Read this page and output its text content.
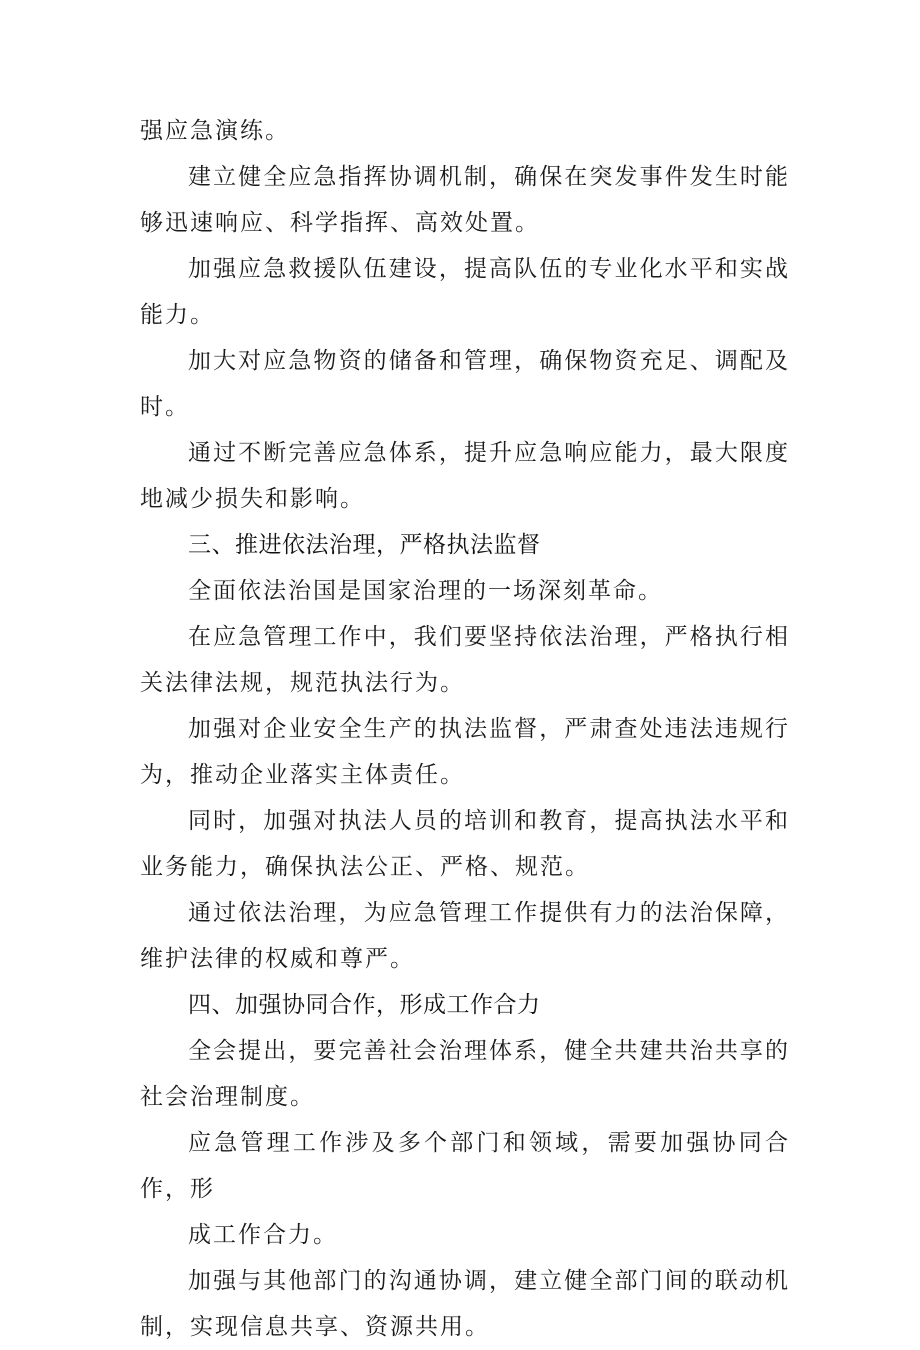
强应急演练。

建立健全应急指挥协调机制，确保在突发事件发生时能够迅速响应、科学指挥、高效处置。

加强应急救援队伍建设，提高队伍的专业化水平和实战能力。

加大对应急物资的储备和管理，确保物资充足、调配及时。

通过不断完善应急体系，提升应急响应能力，最大限度地减少损失和影响。

三、推进依法治理，严格执法监督

全面依法治国是国家治理的一场深刻革命。

在应急管理工作中，我们要坚持依法治理，严格执行相关法律法规，规范执法行为。

加强对企业安全生产的执法监督，严肃查处违法违规行为，推动企业落实主体责任。

同时，加强对执法人员的培训和教育，提高执法水平和业务能力，确保执法公正、严格、规范。

通过依法治理，为应急管理工作提供有力的法治保障，维护法律的权威和尊严。

四、加强协同合作，形成工作合力

全会提出，要完善社会治理体系，健全共建共治共享的社会治理制度。

应急管理工作涉及多个部门和领域，需要加强协同合作，形

成工作合力。

加强与其他部门的沟通协调，建立健全部门间的联动机制，实现信息共享、资源共用。
